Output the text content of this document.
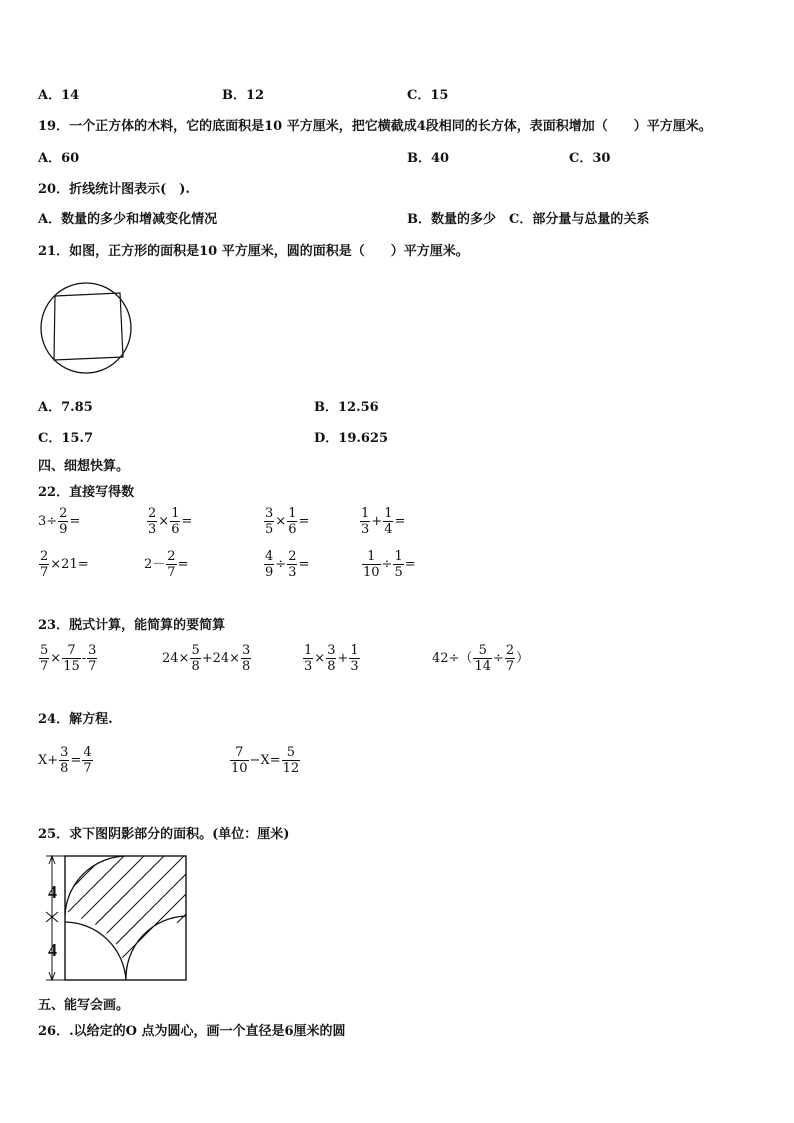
A．14	B．12	C．15
19．一个正方体的木料，它的底面积是10 平方厘米，把它横截成4段相同的长方体，表面积增加（　　）平方厘米。
A．60	B．40	C．30
20．折线统计图表示(　).
A．数量的多少和增减变化情况	B．数量的多少　C．部分量与总量的关系
21．如图，正方形的面积是10 平方厘米，圆的面积是（　　）平方厘米。
A．7.85	B．12.56
C．15.7	D．19.625
四、细想快算。
22．直接写得数
$3\div \frac{2}{9}$ =	$\frac{2}{3} \times \frac{1}{6}$ =	$\frac{3}{5} \times \frac{1}{6}$ =	$\frac{1}{3} + \frac{1}{4}$ =
$\frac{2}{7} \times 21=$	$2- \frac{2}{7}$ =	$\frac{4}{9} \div \frac{2}{3}$ =	$\frac{1}{10} \div \frac{1}{5}$ =
23．脱式计算，能简算的要简算
$\frac{5}{7} \times \frac{7}{15} - \frac{3}{7}$	$24\times \frac{5}{8} +24\times \frac{3}{8}$	$\frac{1}{3} \times \frac{3}{8} + \frac{1}{3}$	$42\div( \frac{5}{14} \div \frac{2}{7}$ ）
24．解方程.
$X+ \frac{3}{8} = \frac{4}{7}$	$\frac{7}{10} -X= \frac{5}{12}$
25．求下图阴影部分的面积。(单位：厘米)
4
4
五、能写会画。
26．.以给定的O 点为圆心，画一个直径是6厘米的圆
